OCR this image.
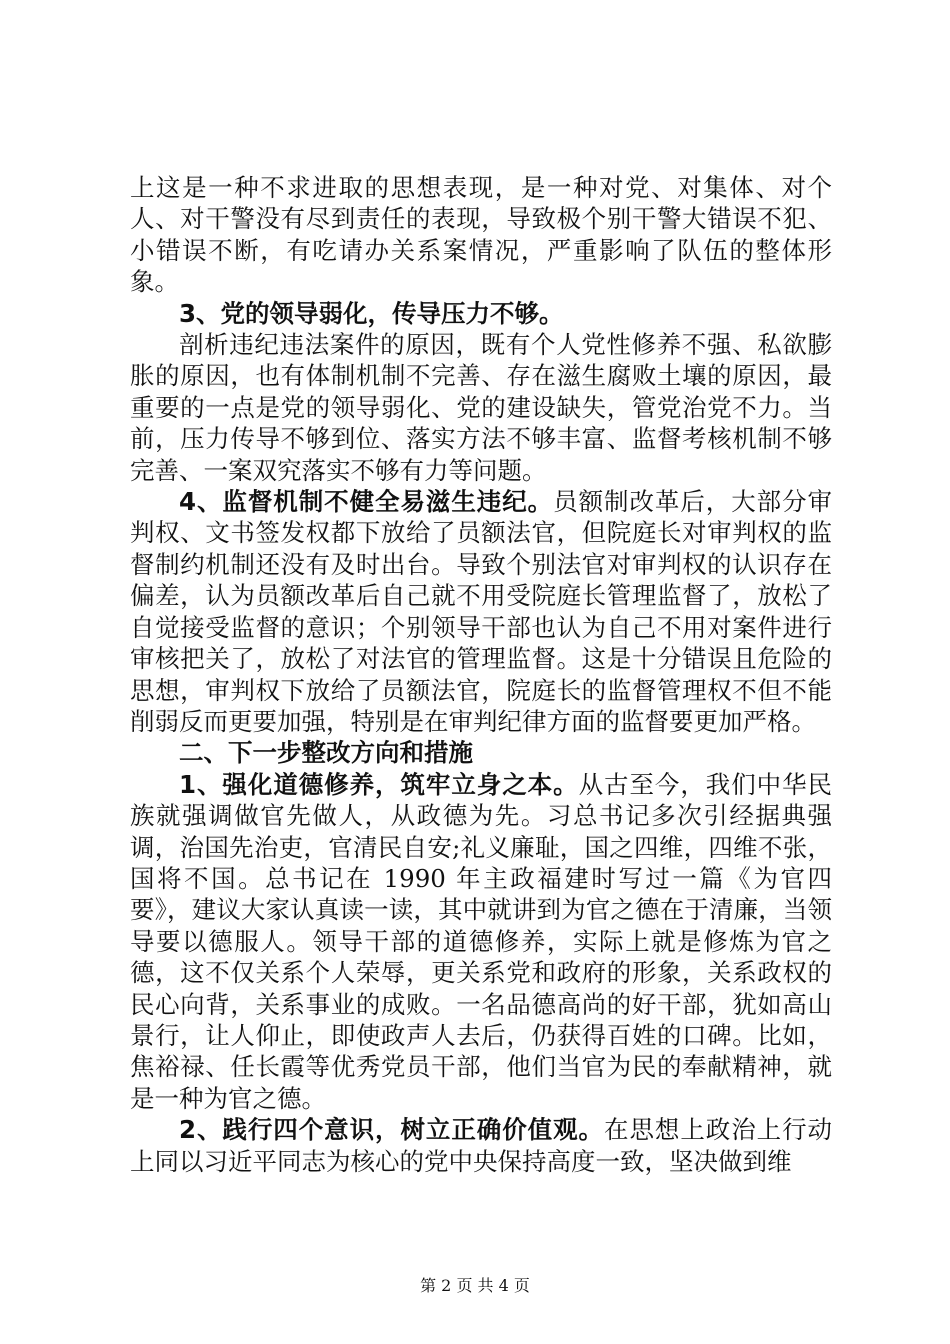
上这是一种不求进取的思想表现，是一种对党、对集体、对个人、对干警没有尽到责任的表现，导致极个别干警大错误不犯、小错误不断，有吃请办关系案情况，严重影响了队伍的整体形象。

3、党的领导弱化，传导压力不够。

剖析违纪违法案件的原因，既有个人党性修养不强、私欲膨胀的原因，也有体制机制不完善、存在滋生腐败土壤的原因，最重要的一点是党的领导弱化、党的建设缺失，管党治党不力。当前，压力传导不够到位、落实方法不够丰富、监督考核机制不够完善、一案双究落实不够有力等问题。

4、监督机制不健全易滋生违纪。员额制改革后，大部分审判权、文书签发权都下放给了员额法官，但院庭长对审判权的监督制约机制还没有及时出台。导致个别法官对审判权的认识存在偏差，认为员额改革后自己就不用受院庭长管理监督了，放松了自觉接受监督的意识；个别领导干部也认为自己不用对案件进行审核把关了，放松了对法官的管理监督。这是十分错误且危险的思想，审判权下放给了员额法官，院庭长的监督管理权不但不能削弱反而更要加强，特别是在审判纪律方面的监督要更加严格。

二、下一步整改方向和措施

1、强化道德修养，筑牢立身之本。从古至今，我们中华民族就强调做官先做人，从政德为先。习总书记多次引经据典强调，治国先治吏，官清民自安;礼义廉耻，国之四维，四维不张，国将不国。总书记在 1990 年主政福建时写过一篇《为官四要》，建议大家认真读一读，其中就讲到为官之德在于清廉，当领导要以德服人。领导干部的道德修养，实际上就是修炼为官之德，这不仅关系个人荣辱，更关系党和政府的形象，关系政权的民心向背，关系事业的成败。一名品德高尚的好干部，犹如高山景行，让人仰止，即使政声人去后，仍获得百姓的口碑。比如，焦裕禄、任长霞等优秀党员干部，他们当官为民的奉献精神，就是一种为官之德。

2、践行四个意识，树立正确价值观。在思想上政治上行动上同以习近平同志为核心的党中央保持高度一致，坚决做到维

第 2 页 共 4 页
